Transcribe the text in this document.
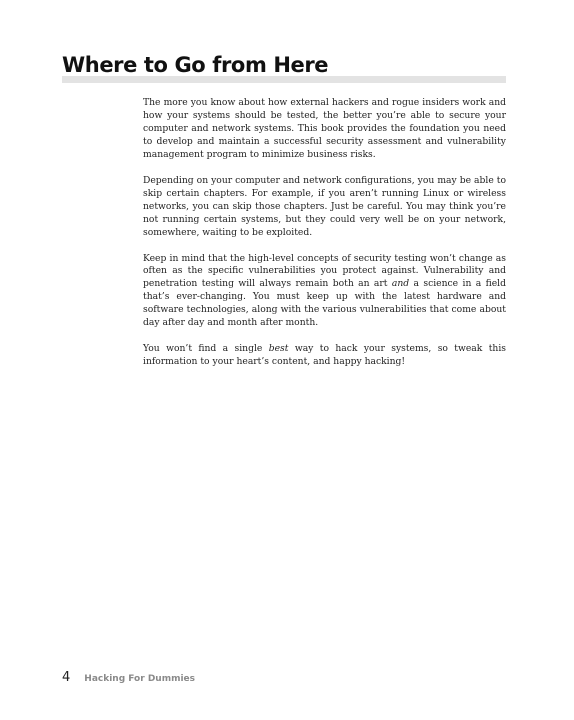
Where to Go from Here

The more you know about how external hackers and rogue insiders work and how your systems should be tested, the better you’re able to secure your computer and network systems. This book provides the foundation you need to develop and maintain a successful security assessment and vulnerability management program to minimize business risks.

Depending on your computer and network configurations, you may be able to skip certain chapters. For example, if you aren’t running Linux or wireless networks, you can skip those chapters. Just be careful. You may think you’re not running certain systems, but they could very well be on your network, somewhere, waiting to be exploited.

Keep in mind that the high-level concepts of security testing won’t change as often as the specific vulnerabilities you protect against. Vulnerability and penetration testing will always remain both an art and a science in a field that’s ever-changing. You must keep up with the latest hardware and software technologies, along with the various vulnerabilities that come about day after day and month after month.

You won’t find a single best way to hack your systems, so tweak this information to your heart’s content, and happy hacking!

4 Hacking For Dummies
